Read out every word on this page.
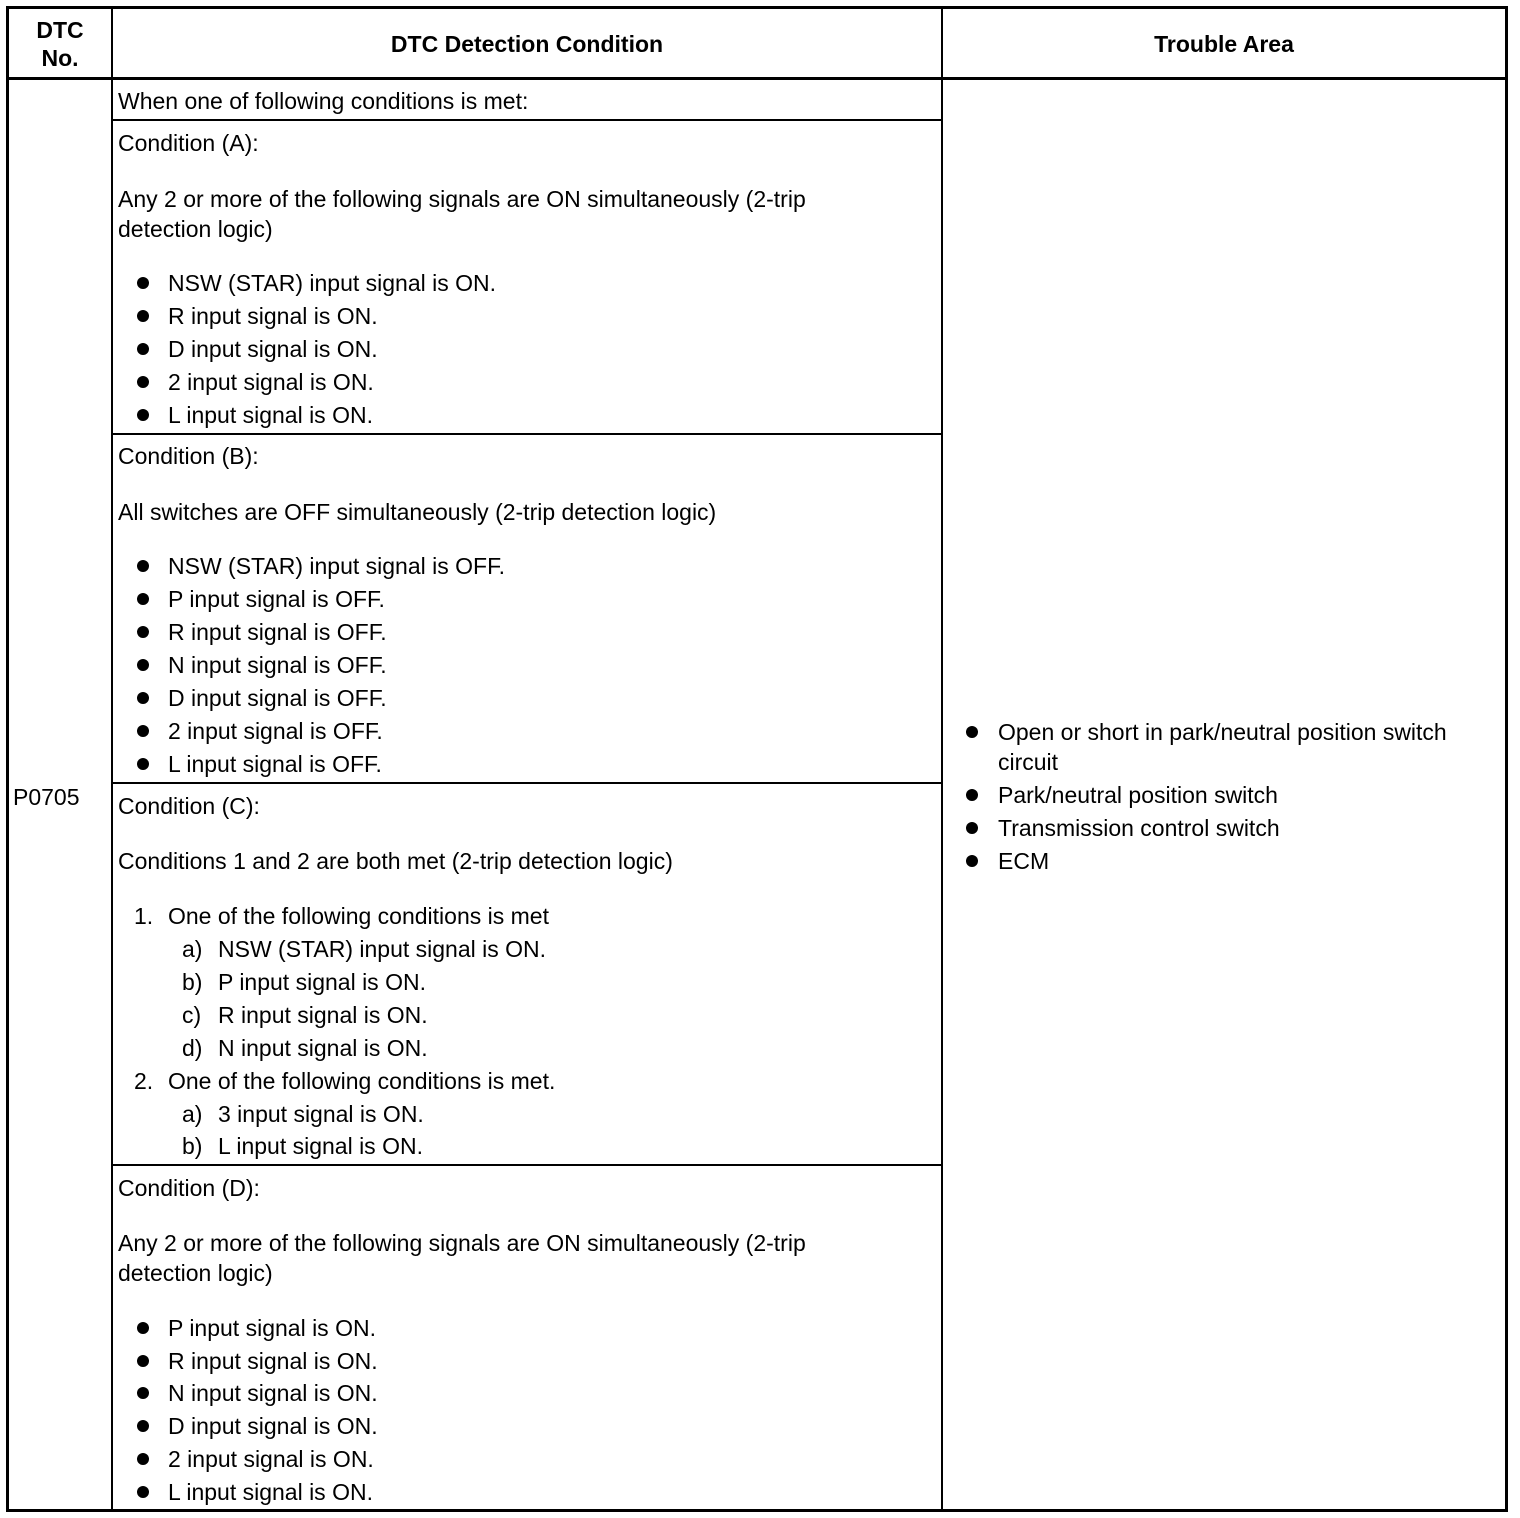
DTC
No.
DTC Detection Condition	Trouble Area
P0705
When one of following conditions is met:
Condition (A):
Any 2 or more of the following signals are ON simultaneously (2-trip
detection logic)
NSW (STAR) input signal is ON.
R input signal is ON.
D input signal is ON.
2 input signal is ON.
L input signal is ON.
Condition (B):
All switches are OFF simultaneously (2-trip detection logic)
NSW (STAR) input signal is OFF.
P input signal is OFF.
R input signal is OFF.
N input signal is OFF.
D input signal is OFF.
2 input signal is OFF.
L input signal is OFF.
Condition (C):
Conditions 1 and 2 are both met (2-trip detection logic)
1. One of the following conditions is met
a) NSW (STAR) input signal is ON.
b) P input signal is ON.
c) R input signal is ON.
d) N input signal is ON.
2. One of the following conditions is met.
a) 3 input signal is ON.
b) L input signal is ON.
Condition (D):
Any 2 or more of the following signals are ON simultaneously (2-trip
detection logic)
P input signal is ON.
R input signal is ON.
N input signal is ON.
D input signal is ON.
2 input signal is ON.
L input signal is ON.
Open or short in park/neutral position switch
circuit
Park/neutral position switch
Transmission control switch
ECM
